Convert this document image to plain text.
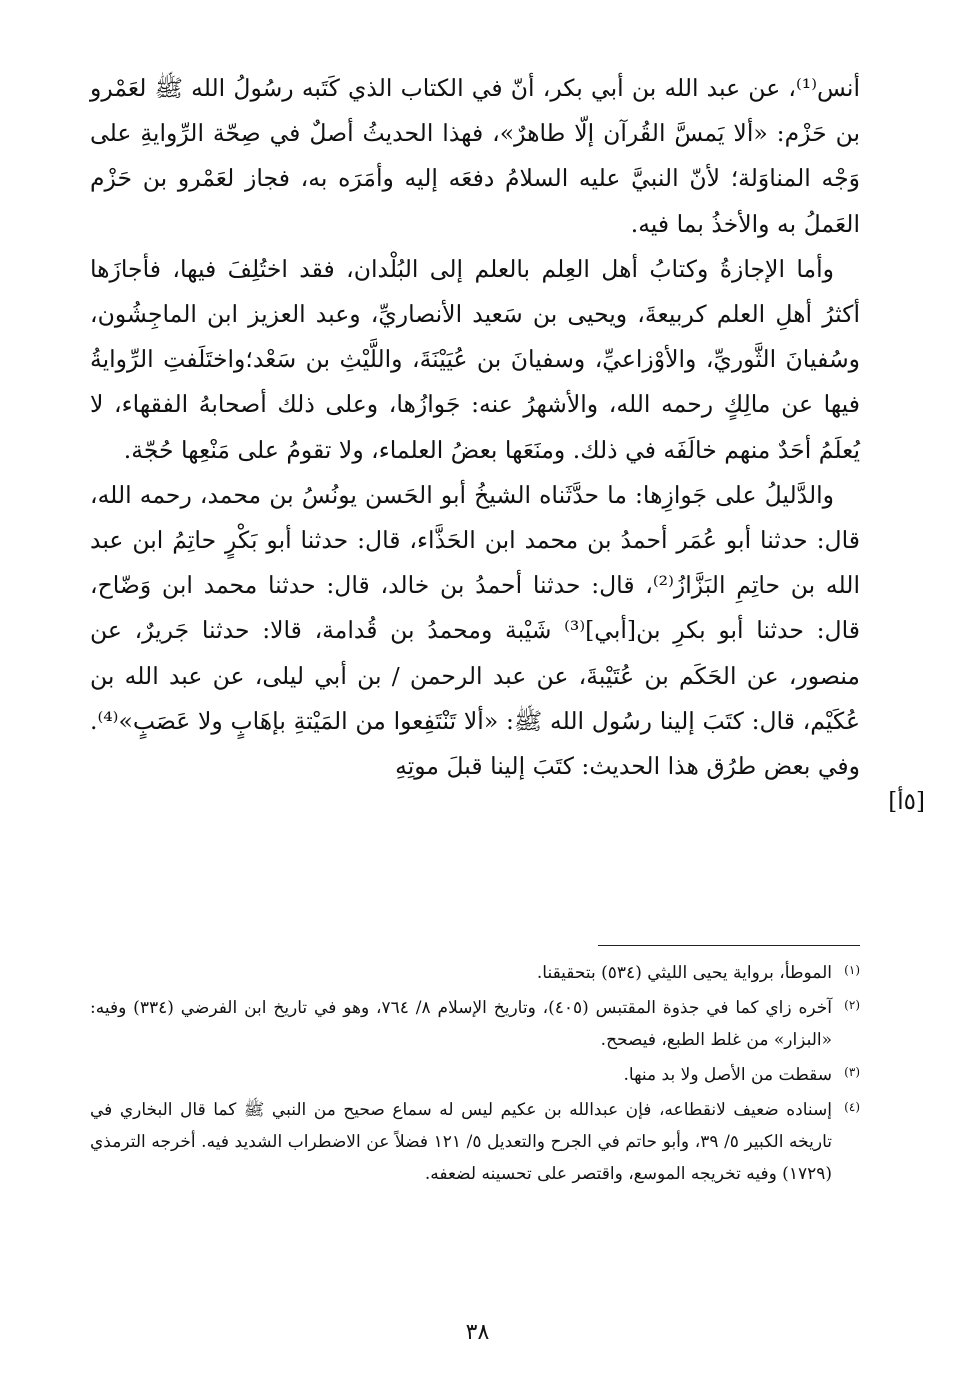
أنس⁽¹⁾، عن عبد الله بن أبي بكر، أنّ في الكتاب الذي كَتَبه رسُولُ الله ﷺ لعَمْرو بن حَزْم: «ألا يَمسَّ القُرآن إلّا طاهرٌ»، فهذا الحديثُ أصلٌ في صِحّة الرِّوايةِ على وَجْه المناوَلة؛ لأنّ النبيَّ عليه السلامُ دفعَه إليه وأمَرَه به، فجاز لعَمْرو بن حَزْم العَملُ به والأخذُ بما فيه.

وأما الإجازةُ وكتابُ أهل العِلم بالعلم إلى البُلْدان، فقد اختُلِفَ فيها، فأجازَها أكثرُ أهلِ العلم كربيعةَ، ويحيى بن سَعيد الأنصاريِّ، وعبد العزيز ابن الماجِشُون، وسُفيانَ الثَّوريِّ، والأوْزاعيِّ، وسفيانَ بن عُيَيْنَةَ، واللَّيْثِ بن سَعْد؛واختَلَفتِ الرِّوايةُ فيها عن مالِكٍ رحمه الله، والأشهرُ عنه: جَوازُها، وعلى ذلك أصحابهُ الفقهاء، لا يُعلَمُ أحَدٌ منهم خالَفَه في ذلك. ومنَعَها بعضُ العلماء، ولا تقومُ على مَنْعِها حُجّة.

والدَّليلُ على جَوازِها: ما حدَّثَناه الشيخُ أبو الحَسن يونُسُ بن محمد، رحمه الله، قال: حدثنا أبو عُمَر أحمدُ بن محمد ابن الحَذَّاء، قال: حدثنا أبو بَكْرٍ حاتِمُ ابن عبد الله بن حاتِمِ البَزَّازُ⁽²⁾، قال: حدثنا أحمدُ بن خالد، قال: حدثنا محمد ابن وَضّاح، قال: حدثنا أبو بكرِ بن[أبي]⁽³⁾ شَيْبة ومحمدُ بن قُدامة، قالا: حدثنا جَريرٌ، عن منصور، عن الحَكَم بن عُتَيْبةَ، عن عبد الرحمن / بن أبي ليلى، عن عبد الله بن عُكَيْم، قال: كتَبَ إلينا رسُول الله ﷺ: «ألا تَنْتَفِعوا من المَيْتةِ بإهَابٍ ولا عَصَبٍ»⁽⁴⁾. وفي بعض طرُق هذا الحديث: كتَبَ إلينا قبلَ موتِهِ

[٥أ]
(١)
الموطأ، برواية يحيى الليثي (٥٣٤) بتحقيقنا.
(٢)
آخره زاي كما في جذوة المقتبس (٤٠٥)، وتاريخ الإسلام ٨/ ٧٦٤، وهو في تاريخ ابن الفرضي (٣٣٤) وفيه: «البزار» من غلط الطبع، فيصحح.
(٣)
سقطت من الأصل ولا بد منها.
(٤)
إسناده ضعيف لانقطاعه، فإن عبدالله بن عكيم ليس له سماع صحيح من النبي ﷺ كما قال البخاري في تاريخه الكبير ٥/ ٣٩، وأبو حاتم في الجرح والتعديل ٥/ ١٢١ فضلاً عن الاضطراب الشديد فيه. أخرجه الترمذي (١٧٢٩) وفيه تخريجه الموسع، واقتصر على تحسينه لضعفه.
٣٨
